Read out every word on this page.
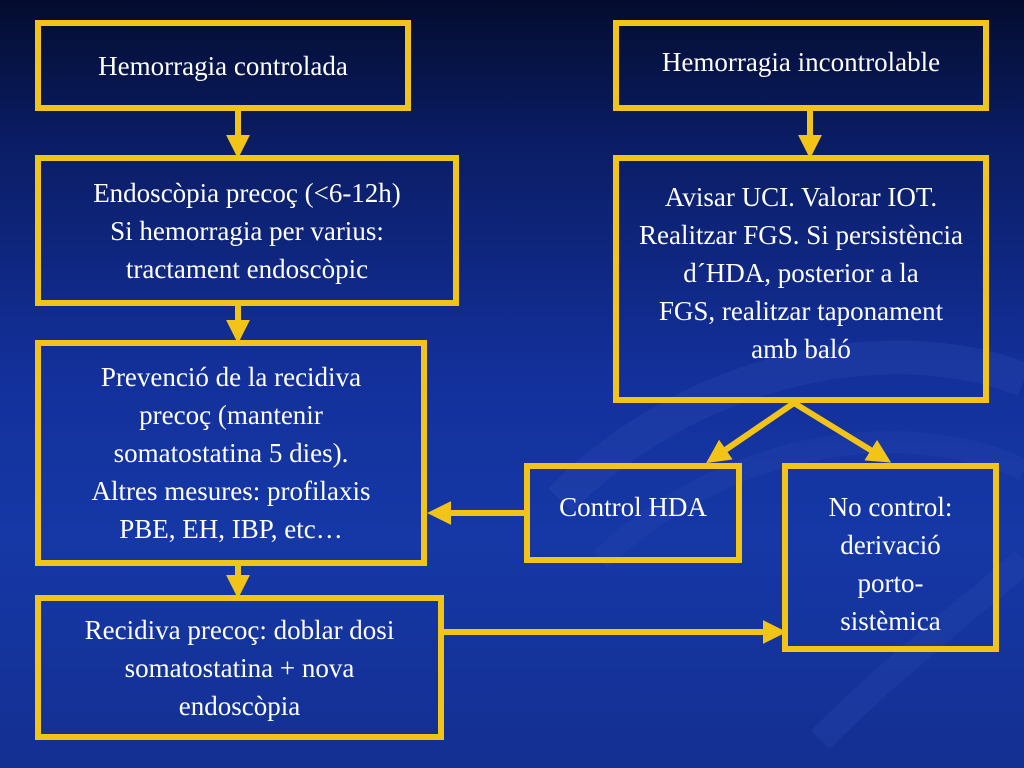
Hemorragia controlada	Hemorragia incontrolable
Endoscòpia precoç (<6-12h)
Si hemorragia per varius:
tractament endoscòpic
Avisar UCI. Valorar IOT.
Realitzar FGS. Si persistència
d´HDA, posterior a la
FGS, realitzar taponament
amb baló
Prevenció de la recidiva
precoç (mantenir
somatostatina 5 dies).
Altres mesures: profilaxis
PBE, EH, IBP, etc…
Control HDA	No control:
derivació
porto-
sistèmica
Recidiva precoç: doblar dosi
somatostatina + nova
endoscòpia
